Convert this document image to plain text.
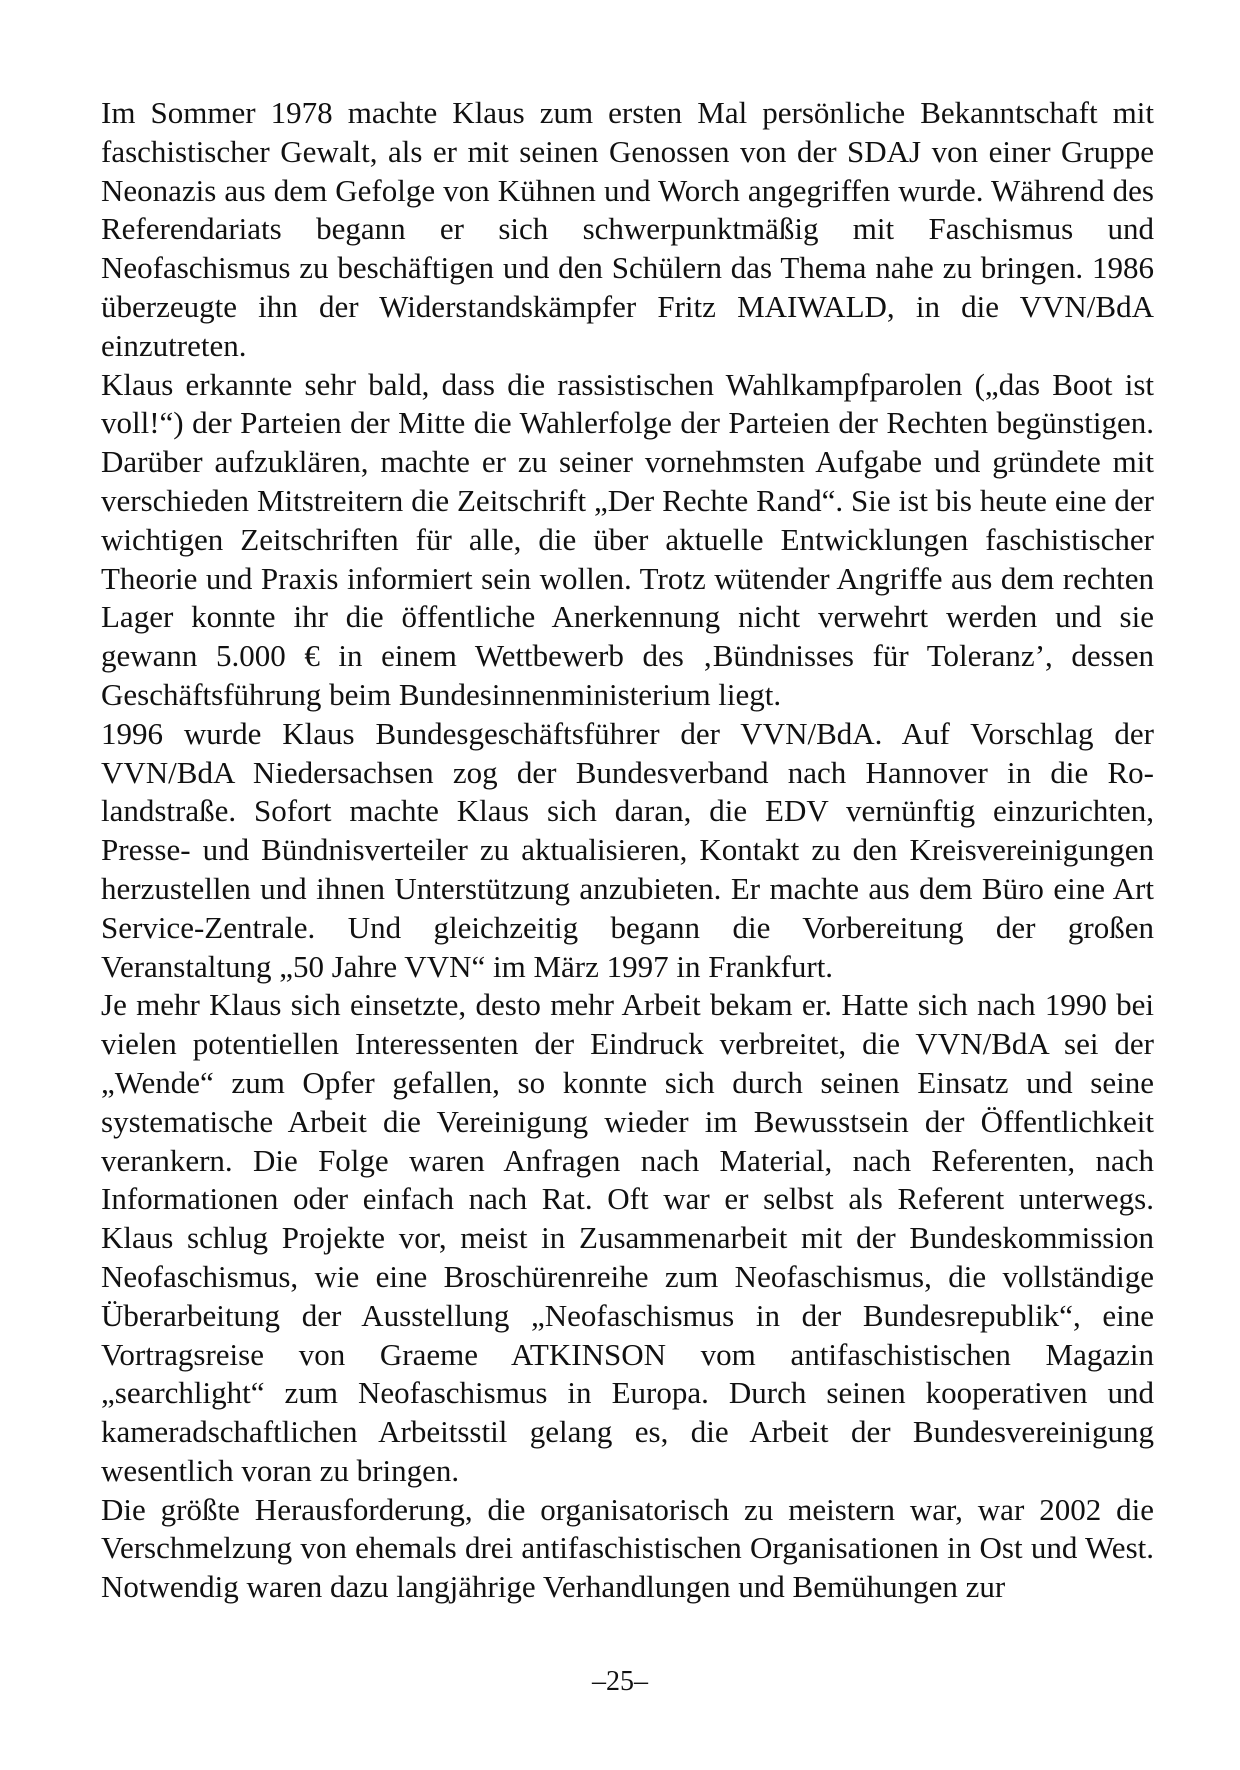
Im Sommer 1978 machte Klaus zum ersten Mal persönliche Bekanntschaft mit faschistischer Gewalt, als er mit seinen Genossen von der SDAJ von einer Gruppe Neonazis aus dem Gefolge von Kühnen und Worch angegriffen wurde. Während des Referendariats begann er sich schwerpunktmäßig mit Faschismus und Neofaschismus zu beschäftigen und den Schülern das Thema nahe zu bringen. 1986 überzeugte ihn der Widerstandskämpfer Fritz MAIWALD, in die VVN/BdA einzutreten.

Klaus erkannte sehr bald, dass die rassistischen Wahlkampfparolen („das Boot ist voll!“) der Parteien der Mitte die Wahlerfolge der Parteien der Rechten begünstigen. Darüber aufzuklären, machte er zu seiner vornehmsten Aufgabe und gründete mit verschieden Mitstreitern die Zeitschrift „Der Rechte Rand“. Sie ist bis heute eine der wichtigen Zeitschriften für alle, die über aktuelle Entwicklungen faschistischer Theorie und Praxis informiert sein wollen. Trotz wütender Angriffe aus dem rechten Lager konnte ihr die öffentliche Anerkennung nicht verwehrt werden und sie gewann 5.000 € in einem Wettbewerb des ‚Bündnisses für Toleranz’, dessen Geschäftsführung beim Bundesinnenministerium liegt.

1996 wurde Klaus Bundesgeschäftsführer der VVN/BdA. Auf Vorschlag der VVN/BdA Niedersachsen zog der Bundesverband nach Hannover in die Rolandstraße. Sofort machte Klaus sich daran, die EDV vernünftig einzurichten, Presse- und Bündnisverteiler zu aktualisieren, Kontakt zu den Kreisvereinigungen herzustellen und ihnen Unterstützung anzubieten. Er machte aus dem Büro eine Art Service-Zentrale. Und gleichzeitig begann die Vorbereitung der großen Veranstaltung „50 Jahre VVN“ im März 1997 in Frankfurt.

Je mehr Klaus sich einsetzte, desto mehr Arbeit bekam er. Hatte sich nach 1990 bei vielen potentiellen Interessenten der Eindruck verbreitet, die VVN/BdA sei der „Wende“ zum Opfer gefallen, so konnte sich durch seinen Einsatz und seine systematische Arbeit die Vereinigung wieder im Bewusstsein der Öffentlichkeit verankern. Die Folge waren Anfragen nach Material, nach Referenten, nach Informationen oder einfach nach Rat. Oft war er selbst als Referent unterwegs. Klaus schlug Projekte vor, meist in Zusammenarbeit mit der Bundeskommission Neofaschismus, wie eine Broschürenreihe zum Neofaschismus, die vollständige Überarbeitung der Ausstellung „Neofaschismus in der Bundesrepublik“, eine Vortragsreise von Graeme ATKINSON vom antifaschistischen Magazin „searchlight“ zum Neofaschismus in Europa. Durch seinen kooperativen und kameradschaftlichen Arbeitsstil gelang es, die Arbeit der Bundesvereinigung wesentlich voran zu bringen.

Die größte Herausforderung, die organisatorisch zu meistern war, war 2002 die Verschmelzung von ehemals drei antifaschistischen Organisationen in Ost und West. Notwendig waren dazu langjährige Verhandlungen und Bemühungen zur

–25–
